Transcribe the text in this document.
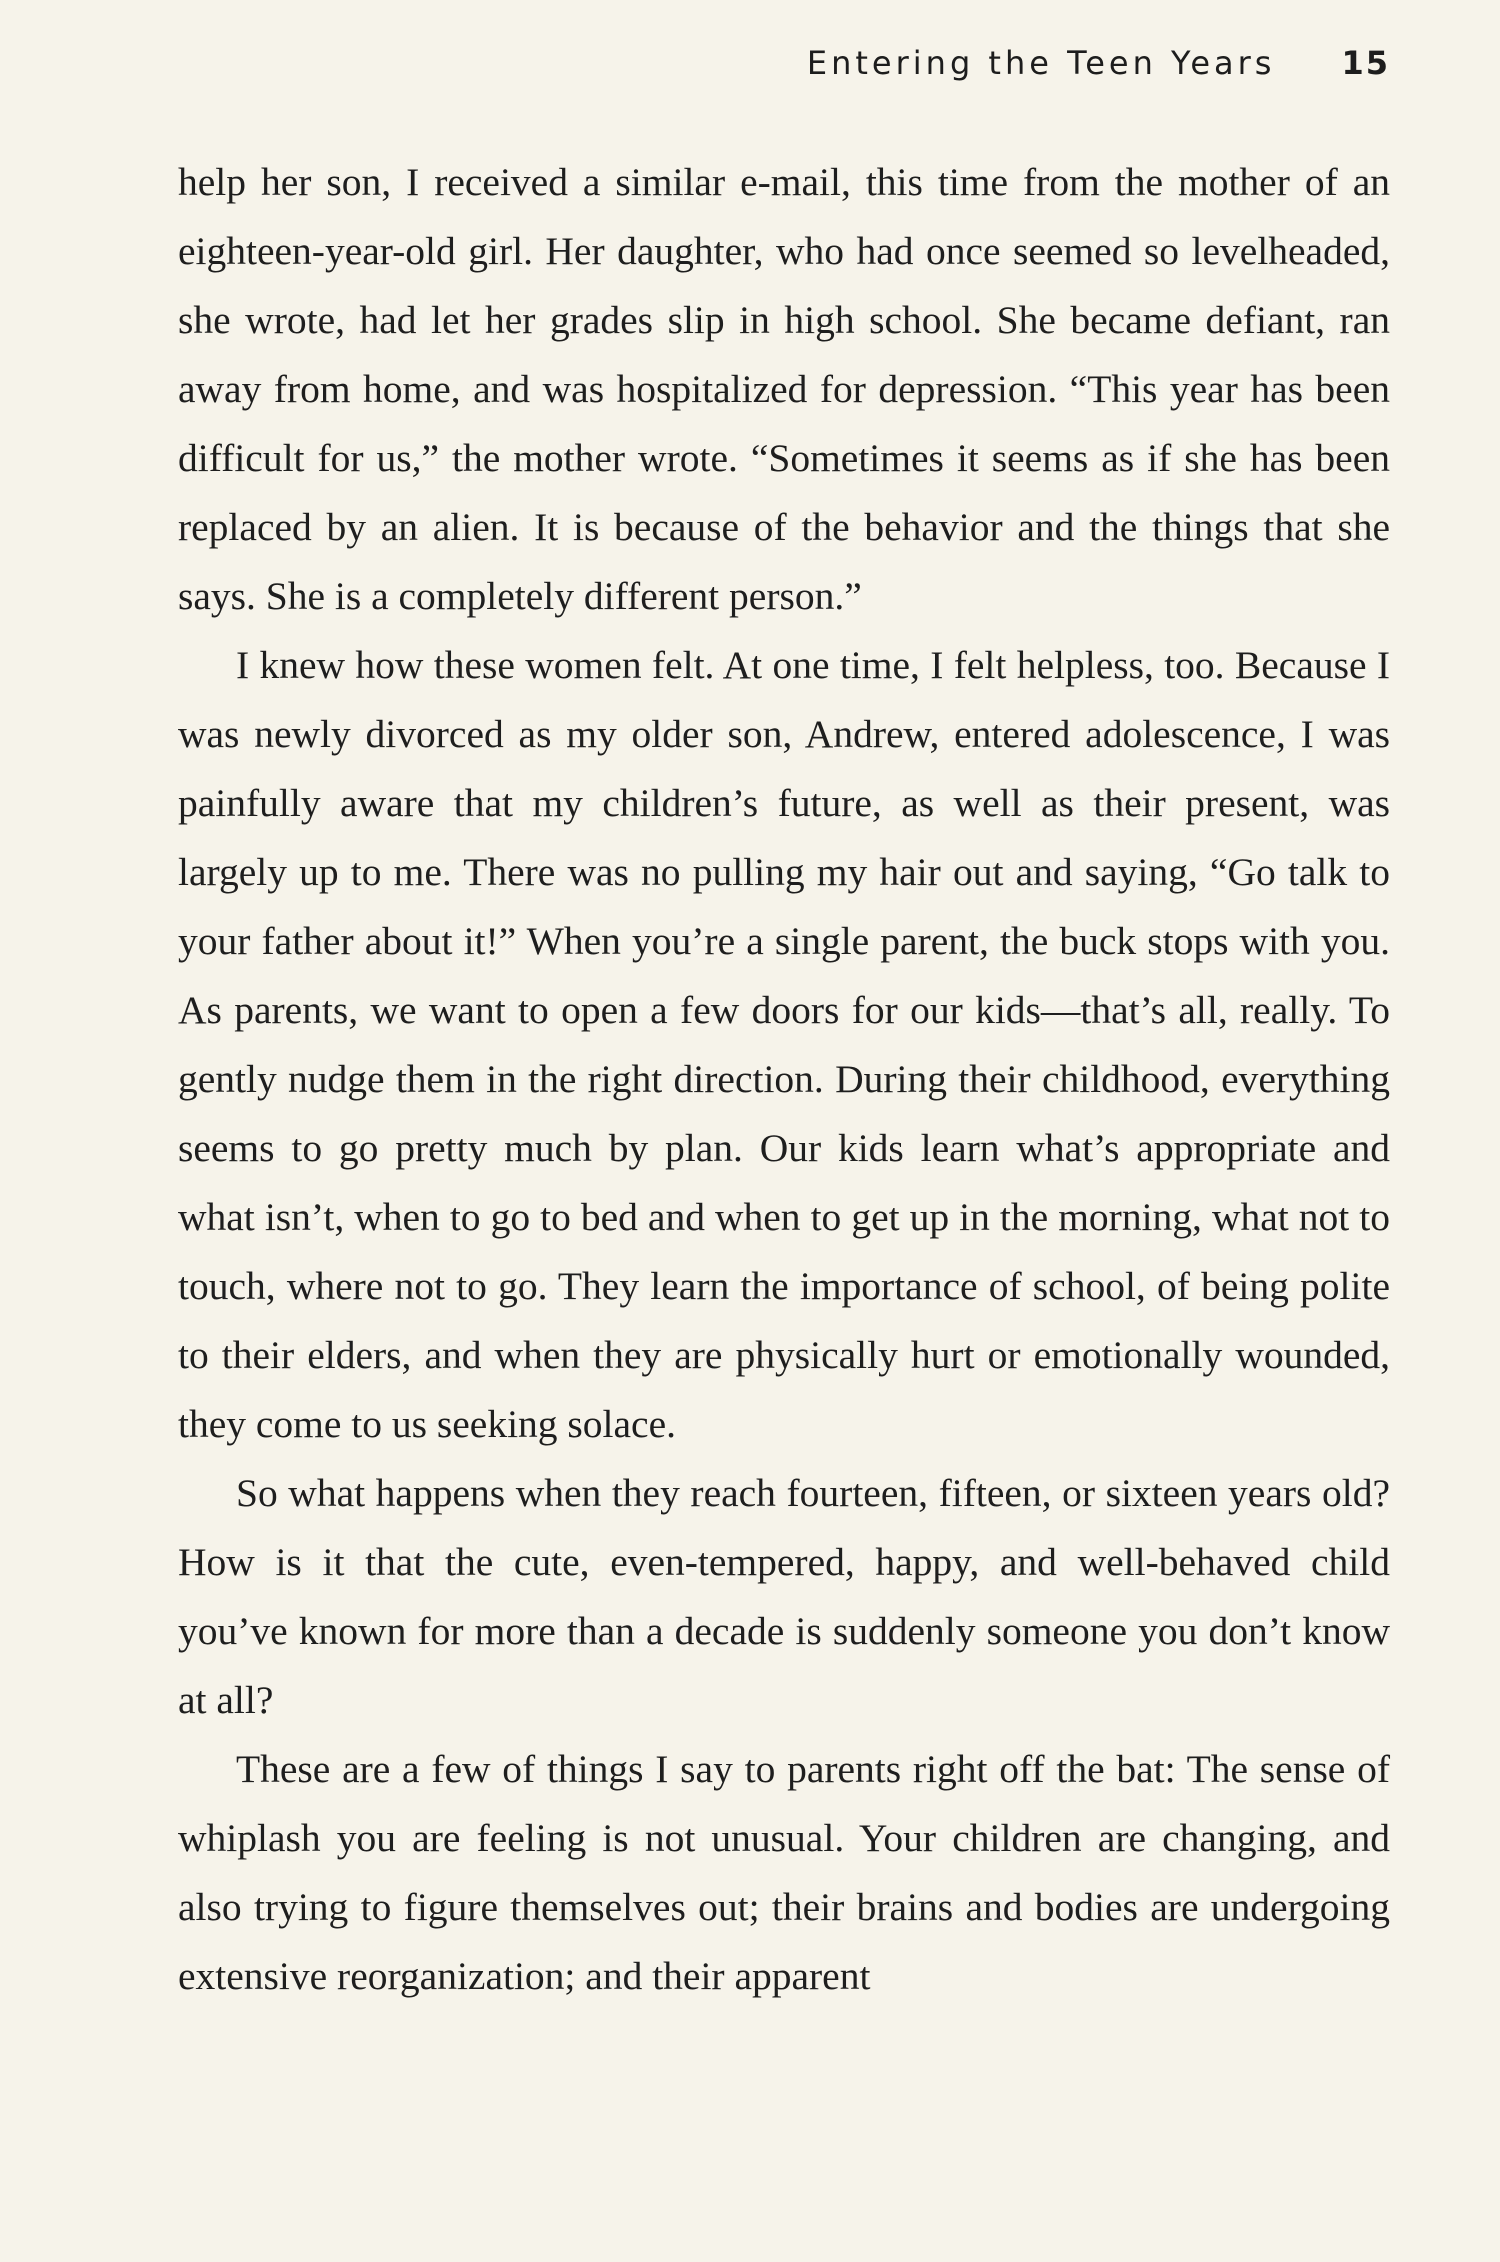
Entering the Teen Years 15

help her son, I received a similar e-mail, this time from the mother of an eighteen-year-old girl. Her daughter, who had once seemed so levelheaded, she wrote, had let her grades slip in high school. She became defiant, ran away from home, and was hospitalized for depression. “This year has been difficult for us,” the mother wrote. “Sometimes it seems as if she has been replaced by an alien. It is because of the behavior and the things that she says. She is a completely different person.”

I knew how these women felt. At one time, I felt helpless, too. Because I was newly divorced as my older son, Andrew, entered adolescence, I was painfully aware that my children’s future, as well as their present, was largely up to me. There was no pulling my hair out and saying, “Go talk to your father about it!” When you’re a single parent, the buck stops with you. As parents, we want to open a few doors for our kids—that’s all, really. To gently nudge them in the right direction. During their childhood, everything seems to go pretty much by plan. Our kids learn what’s appropriate and what isn’t, when to go to bed and when to get up in the morning, what not to touch, where not to go. They learn the importance of school, of being polite to their elders, and when they are physically hurt or emotionally wounded, they come to us seeking solace.

So what happens when they reach fourteen, fifteen, or sixteen years old? How is it that the cute, even-tempered, happy, and well-behaved child you’ve known for more than a decade is suddenly someone you don’t know at all?

These are a few of things I say to parents right off the bat: The sense of whiplash you are feeling is not unusual. Your children are changing, and also trying to figure themselves out; their brains and bodies are undergoing extensive reorganization; and their apparent
